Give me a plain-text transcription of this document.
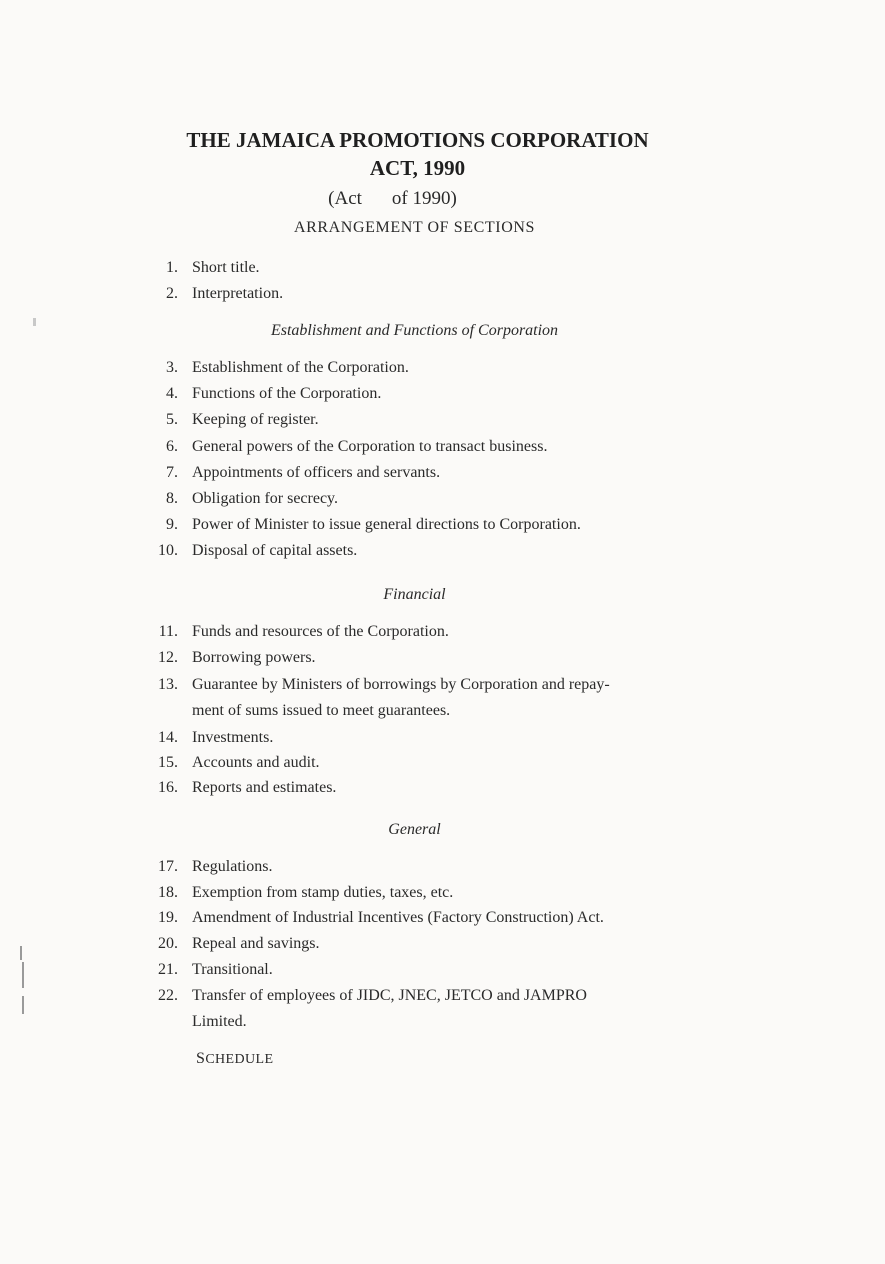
THE JAMAICA PROMOTIONS CORPORATION
ACT, 1990
(Act of 1990)
ARRANGEMENT OF SECTIONS
1. Short title.
2. Interpretation.
Establishment and Functions of Corporation
3. Establishment of the Corporation.
4. Functions of the Corporation.
5. Keeping of register.
6. General powers of the Corporation to transact business.
7. Appointments of officers and servants.
8. Obligation for secrecy.
9. Power of Minister to issue general directions to Corporation.
10. Disposal of capital assets.
Financial
11. Funds and resources of the Corporation.
12. Borrowing powers.
13. Guarantee by Ministers of borrowings by Corporation and repay-
ment of sums issued to meet guarantees.
14. Investments.
15. Accounts and audit.
16. Reports and estimates.
General
17. Regulations.
18. Exemption from stamp duties, taxes, etc.
19. Amendment of Industrial Incentives (Factory Construction) Act.
20. Repeal and savings.
21. Transitional.
22. Transfer of employees of JIDC, JNEC, JETCO and JAMPRO
Limited.
SCHEDULE
